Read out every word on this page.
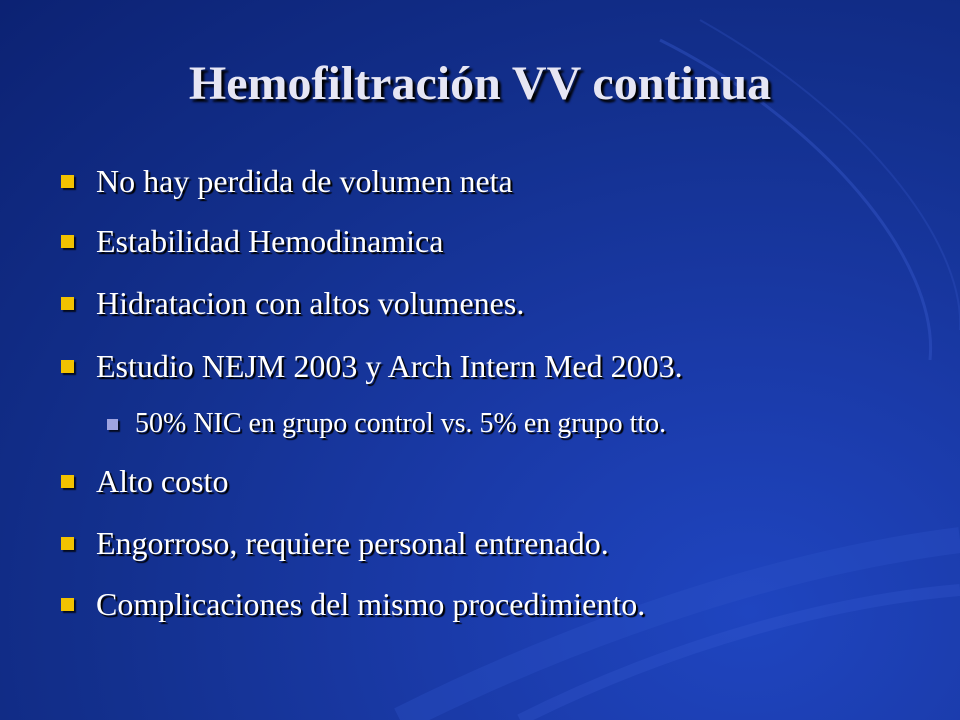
Hemofiltración VV continua
No hay perdida de volumen neta
Estabilidad Hemodinamica
Hidratacion con altos volumenes.
Estudio NEJM 2003 y Arch Intern Med 2003.
50% NIC en grupo control vs. 5% en grupo tto.
Alto costo
Engorroso, requiere personal entrenado.
Complicaciones del mismo procedimiento.
